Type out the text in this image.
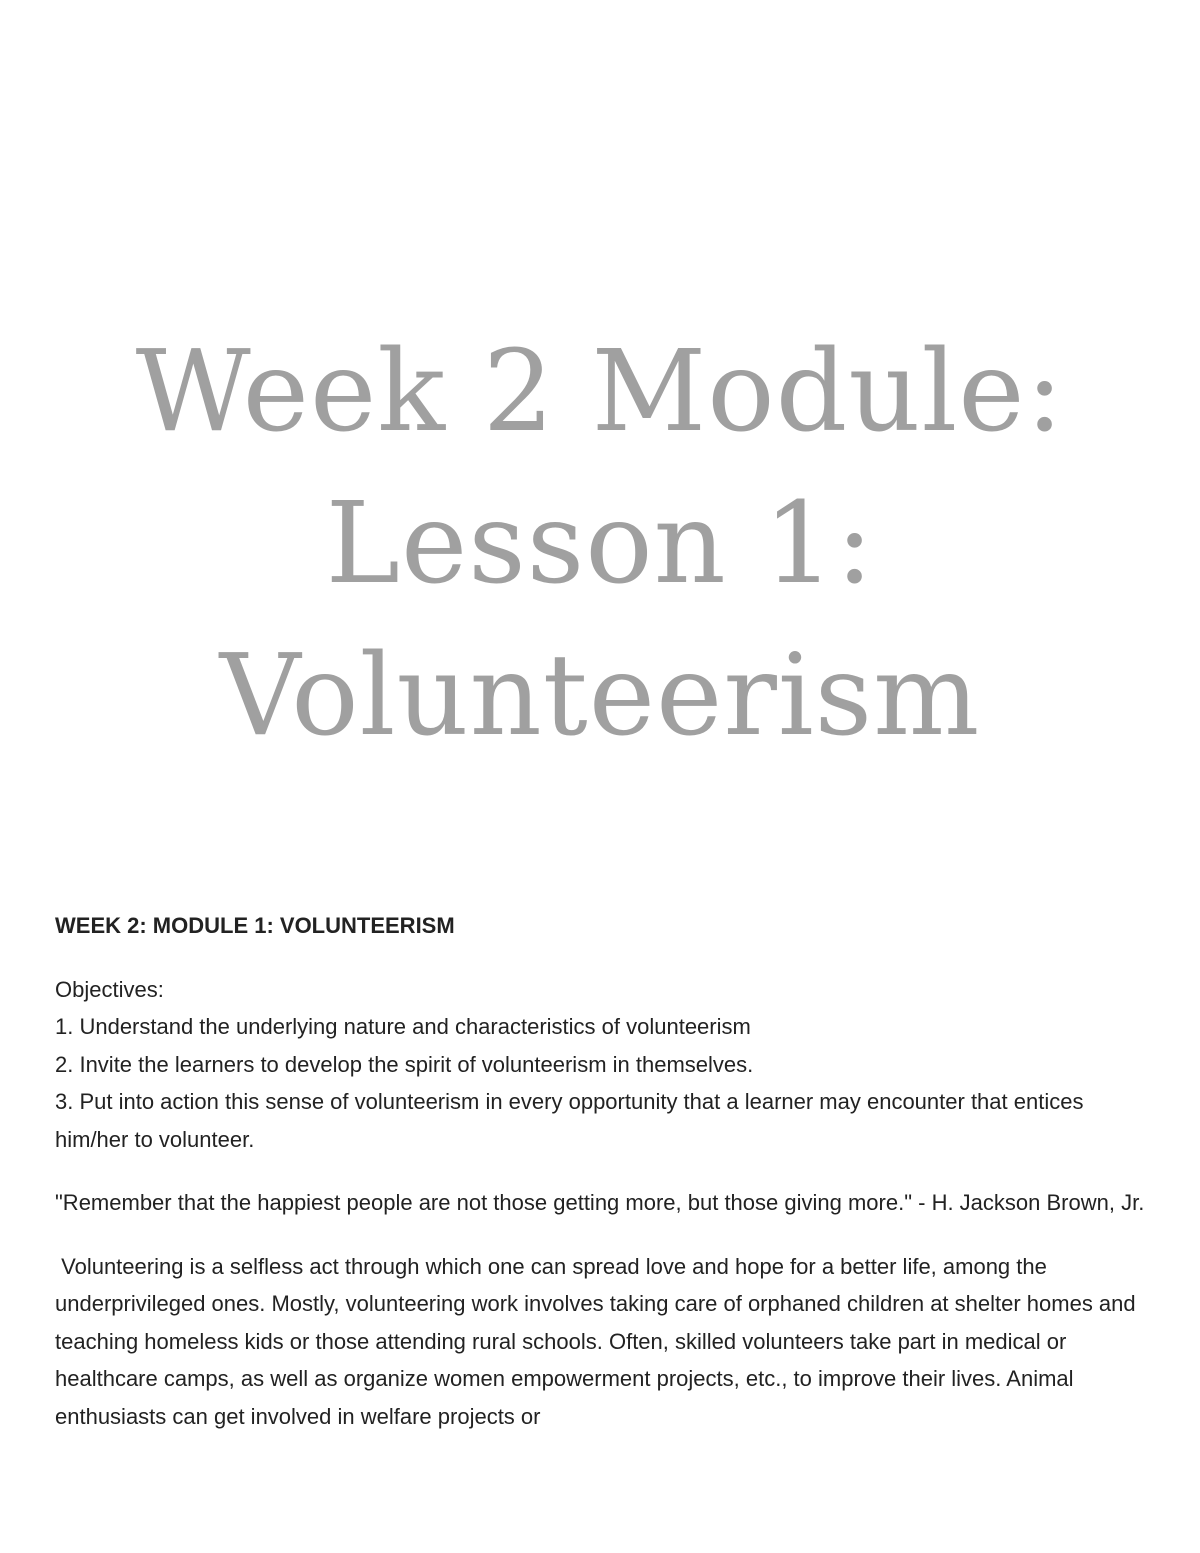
Week 2 Module:
Lesson 1:
Volunteerism

WEEK 2: MODULE 1: VOLUNTEERISM

Objectives:

1. Understand the underlying nature and characteristics of volunteerism

2. Invite the learners to develop the spirit of volunteerism in themselves.

3. Put into action this sense of volunteerism in every opportunity that a learner may encounter that entices him/her to volunteer.

"Remember that the happiest people are not those getting more, but those giving more." - H. Jackson Brown, Jr.

Volunteering is a selfless act through which one can spread love and hope for a better life, among the underprivileged ones. Mostly, volunteering work involves taking care of orphaned children at shelter homes and teaching homeless kids or those attending rural schools. Often, skilled volunteers take part in medical or healthcare camps, as well as organize women empowerment projects, etc., to improve their lives. Animal enthusiasts can get involved in welfare projects or
